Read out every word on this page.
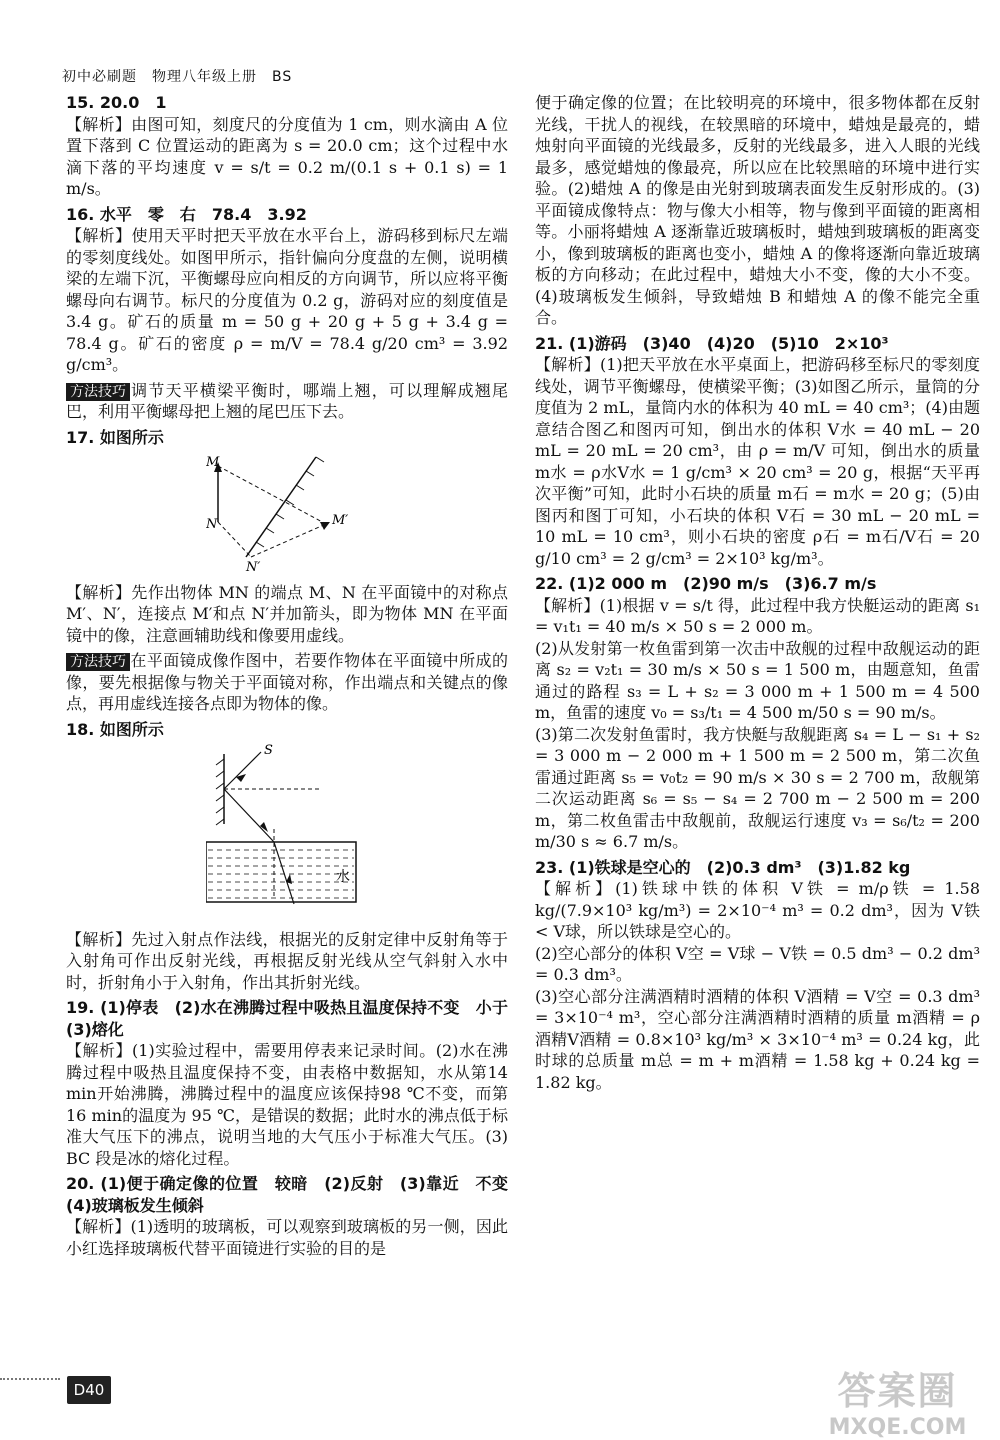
初中必刷题　物理八年级上册　BS

15. 20.0　1

【解析】由图可知，刻度尺的分度值为 1 cm，则水滴由 A 位置下落到 C 位置运动的距离为 s = 20.0 cm；这个过程中水滴下落的平均速度 v = s/t = 0.2 m/(0.1 s + 0.1 s) = 1 m/s。

16. 水平　零　右　78.4　3.92

【解析】使用天平时把天平放在水平台上，游码移到标尺左端的零刻度线处。如图甲所示，指针偏向分度盘的左侧，说明横梁的左端下沉，平衡螺母应向相反的方向调节，所以应将平衡螺母向右调节。标尺的分度值为 0.2 g，游码对应的刻度值是3.4 g。矿石的质量 m = 50 g + 20 g + 5 g + 3.4 g = 78.4 g。矿石的密度 ρ = m/V = 78.4 g/20 cm³ = 3.92 g/cm³。

方法技巧 调节天平横梁平衡时，哪端上翘，可以理解成翘尾巴，利用平衡螺母把上翘的尾巴压下去。

17. 如图所示

M
N	M′
N′

【解析】先作出物体 MN 的端点 M、N 在平面镜中的对称点 M′、N′，连接点 M′和点 N′并加箭头，即为物体 MN 在平面镜中的像，注意画辅助线和像要用虚线。

方法技巧 在平面镜成像作图中，若要作物体在平面镜中所成的像，要先根据像与物关于平面镜对称，作出端点和关键点的像点，再用虚线连接各点即为物体的像。

18. 如图所示

S
水

【解析】先过入射点作法线，根据光的反射定律中反射角等于入射角可作出反射光线，再根据反射光线从空气斜射入水中时，折射角小于入射角，作出其折射光线。

19. (1)停表　(2)水在沸腾过程中吸热且温度保持不变　小于　(3)熔化

【解析】(1)实验过程中，需要用停表来记录时间。(2)水在沸腾过程中吸热且温度保持不变，由表格中数据知，水从第14 min开始沸腾，沸腾过程中的温度应该保持98 ℃不变，而第16 min的温度为 95 ℃，是错误的数据；此时水的沸点低于标准大气压下的沸点，说明当地的大气压小于标准大气压。(3) BC 段是冰的熔化过程。

20. (1)便于确定像的位置　较暗　(2)反射　(3)靠近　不变　(4)玻璃板发生倾斜

【解析】(1)透明的玻璃板，可以观察到玻璃板的另一侧，因此小红选择玻璃板代替平面镜进行实验的目的是

便于确定像的位置；在比较明亮的环境中，很多物体都在反射光线，干扰人的视线，在较黑暗的环境中，蜡烛是最亮的，蜡烛射向平面镜的光线最多，反射的光线最多，进入人眼的光线最多，感觉蜡烛的像最亮，所以应在比较黑暗的环境中进行实验。(2)蜡烛 A 的像是由光射到玻璃表面发生反射形成的。(3)平面镜成像特点：物与像大小相等，物与像到平面镜的距离相等。小丽将蜡烛 A 逐渐靠近玻璃板时，蜡烛到玻璃板的距离变小，像到玻璃板的距离也变小，蜡烛 A 的像将逐渐向靠近玻璃板的方向移动；在此过程中，蜡烛大小不变，像的大小不变。(4)玻璃板发生倾斜，导致蜡烛 B 和蜡烛 A 的像不能完全重合。

21. (1)游码　(3)40　(4)20　(5)10　2×10³

【解析】(1)把天平放在水平桌面上，把游码移至标尺的零刻度线处，调节平衡螺母，使横梁平衡；(3)如图乙所示，量筒的分度值为 2 mL，量筒内水的体积为 40 mL = 40 cm³；(4)由题意结合图乙和图丙可知，倒出水的体积 V水 = 40 mL − 20 mL = 20 mL = 20 cm³，由 ρ = m/V 可知，倒出水的质量 m水 = ρ水V水 = 1 g/cm³ × 20 cm³ = 20 g，根据“天平再次平衡”可知，此时小石块的质量 m石 = m水 = 20 g；(5)由图丙和图丁可知，小石块的体积 V石 = 30 mL − 20 mL = 10 mL = 10 cm³，则小石块的密度 ρ石 = m石/V石 = 20 g/10 cm³ = 2 g/cm³ = 2×10³ kg/m³。

22. (1)2 000 m　(2)90 m/s　(3)6.7 m/s

【解析】(1)根据 v = s/t 得，此过程中我方快艇运动的距离 s₁ = v₁t₁ = 40 m/s × 50 s = 2 000 m。

(2)从发射第一枚鱼雷到第一次击中敌舰的过程中敌舰运动的距离 s₂ = v₂t₁ = 30 m/s × 50 s = 1 500 m，由题意知，鱼雷通过的路程 s₃ = L + s₂ = 3 000 m + 1 500 m = 4 500 m，鱼雷的速度 v₀ = s₃/t₁ = 4 500 m/50 s = 90 m/s。

(3)第二次发射鱼雷时，我方快艇与敌舰距离 s₄ = L − s₁ + s₂ = 3 000 m − 2 000 m + 1 500 m = 2 500 m，第二次鱼雷通过距离 s₅ = v₀t₂ = 90 m/s × 30 s = 2 700 m，敌舰第二次运动距离 s₆ = s₅ − s₄ = 2 700 m − 2 500 m = 200 m，第二枚鱼雷击中敌舰前，敌舰运行速度 v₃ = s₆/t₂ = 200 m/30 s ≈ 6.7 m/s。

23. (1)铁球是空心的　(2)0.3 dm³　(3)1.82 kg

【解析】(1)铁球中铁的体积 V铁 = m/ρ铁 = 1.58 kg/(7.9×10³ kg/m³) = 2×10⁻⁴ m³ = 0.2 dm³，因为 V铁 < V球，所以铁球是空心的。

(2)空心部分的体积 V空 = V球 − V铁 = 0.5 dm³ − 0.2 dm³ = 0.3 dm³。

(3)空心部分注满酒精时酒精的体积 V酒精 = V空 = 0.3 dm³ = 3×10⁻⁴ m³，空心部分注满酒精时酒精的质量 m酒精 = ρ酒精V酒精 = 0.8×10³ kg/m³ × 3×10⁻⁴ m³ = 0.24 kg，此时球的总质量 m总 = m + m酒精 = 1.58 kg + 0.24 kg = 1.82 kg。

D40	答案圈
MXQE.COM
